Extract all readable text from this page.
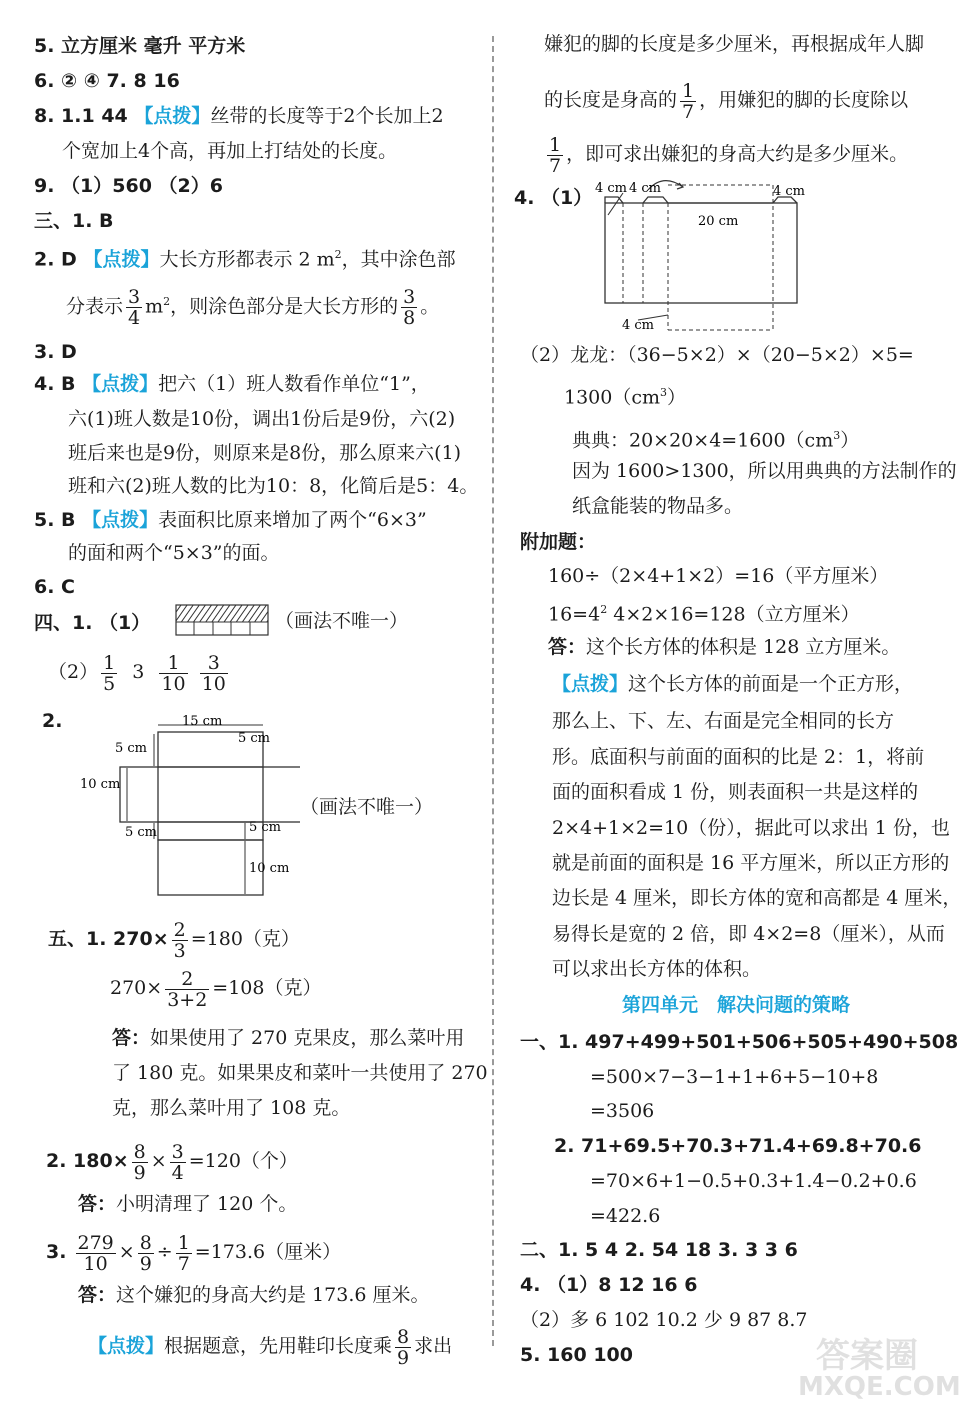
5. 立方厘米 毫升 平方米
6. ② ④ 7. 8 16
8. 1.1 44 【点拨】丝带的长度等于2个长加上2
个宽加上4个高，再加上打结处的长度。
9. （1）560 （2）6
三、1. B
2. D 【点拨】大长方形都表示 2 $m^2$，其中涂色部
分表示 $\frac{3}{4} m^2$，则涂色部分是大长方形的 $\frac{3}{8}$ 。
3. D
4. B 【点拨】把六（1）班人数看作单位“1”，
六(1)班人数是10份，调出1份后是9份，六(2)
班后来也是9份，则原来是8份，那么原来六(1)
班和六(2)班人数的比为10：8，化简后是5：4。
5. B 【点拨】表面积比原来增加了两个“6×3”
的面和两个“5×3”的面。
6. C
四、1. （1）	（画法不唯一）
$(2) \frac{1}{5} 3 \frac{1}{10}$
$\frac{3}{10}$
2.	15 cm
5 cm
5 cm
10 cm
5 cm	5 cm
10 cm
（画法不唯一）
五、1. $270\times \frac{2}{3} =180$（克）
$270\times \frac{2}{3+2} =108$（克）
答：如果使用了 270 克果皮，那么菜叶用
了 180 克。如果果皮和菜叶一共使用了 270
克，那么菜叶用了 108 克。
2. $180\times \frac{8}{9} \times \frac{3}{4} =120$（个）
答：小明清理了 120 个。
3. $\frac{279}{10} \times \frac{8}{9} \div \frac{1}{7} =173.6$（厘米）
答：这个嫌犯的身高大约是 173.6 厘米。
【点拨】根据题意，先用鞋印长度乘 $\frac{8}{9}$ 求出
嫌犯的脚的长度是多少厘米，再根据成年人脚
的长度是身高的 $\frac{1}{7}$ ，用嫌犯的脚的长度除以
$\frac{1}{7}$ ，即可求出嫌犯的身高大约是多少厘米。
4. （1） 4 cm 4 cm	4 cm
20 cm
4 cm
（2）龙龙：（36−5×2）×（20−5×2）×5=
$1300(cm^3)$
典典：$20\times 20\times 4=1600(cm^3)$
因为 1600>1300，所以用典典的方法制作的
纸盒能装的物品多。
附加题：
160÷（2×4+1×2）=16（平方厘米）
$16=4^2$ 4×2×16=128（立方厘米）
答：这个长方体的体积是 128 立方厘米。
【点拨】这个长方体的前面是一个正方形，
那么上、下、左、右面是完全相同的长方
形。底面积与前面的面积的比是 2：1，将前
面的面积看成 1 份，则表面积一共是这样的
2×4+1×2=10（份），据此可以求出 1 份，也
就是前面的面积是 16 平方厘米，所以正方形的
边长是 4 厘米，即长方体的宽和高都是 4 厘米，
易得长是宽的 2 倍，即 4×2=8（厘米），从而
可以求出长方体的体积。
第四单元　解决问题的策略
一、1. 497+499+501+506+505+490+508
=500×7−3−1+1+6+5−10+8
=3506
2. 71+69.5+70.3+71.4+69.8+70.6
=70×6+1−0.5+0.3+1.4−0.2+0.6
=422.6
二、1. 5 4 2. 54 18 3. 3 3 6
4. （1）8 12 16 6
（2）多 6 102 10.2 少 9 87 8.7
5. 160 100	答案圈
MXQE.COM
